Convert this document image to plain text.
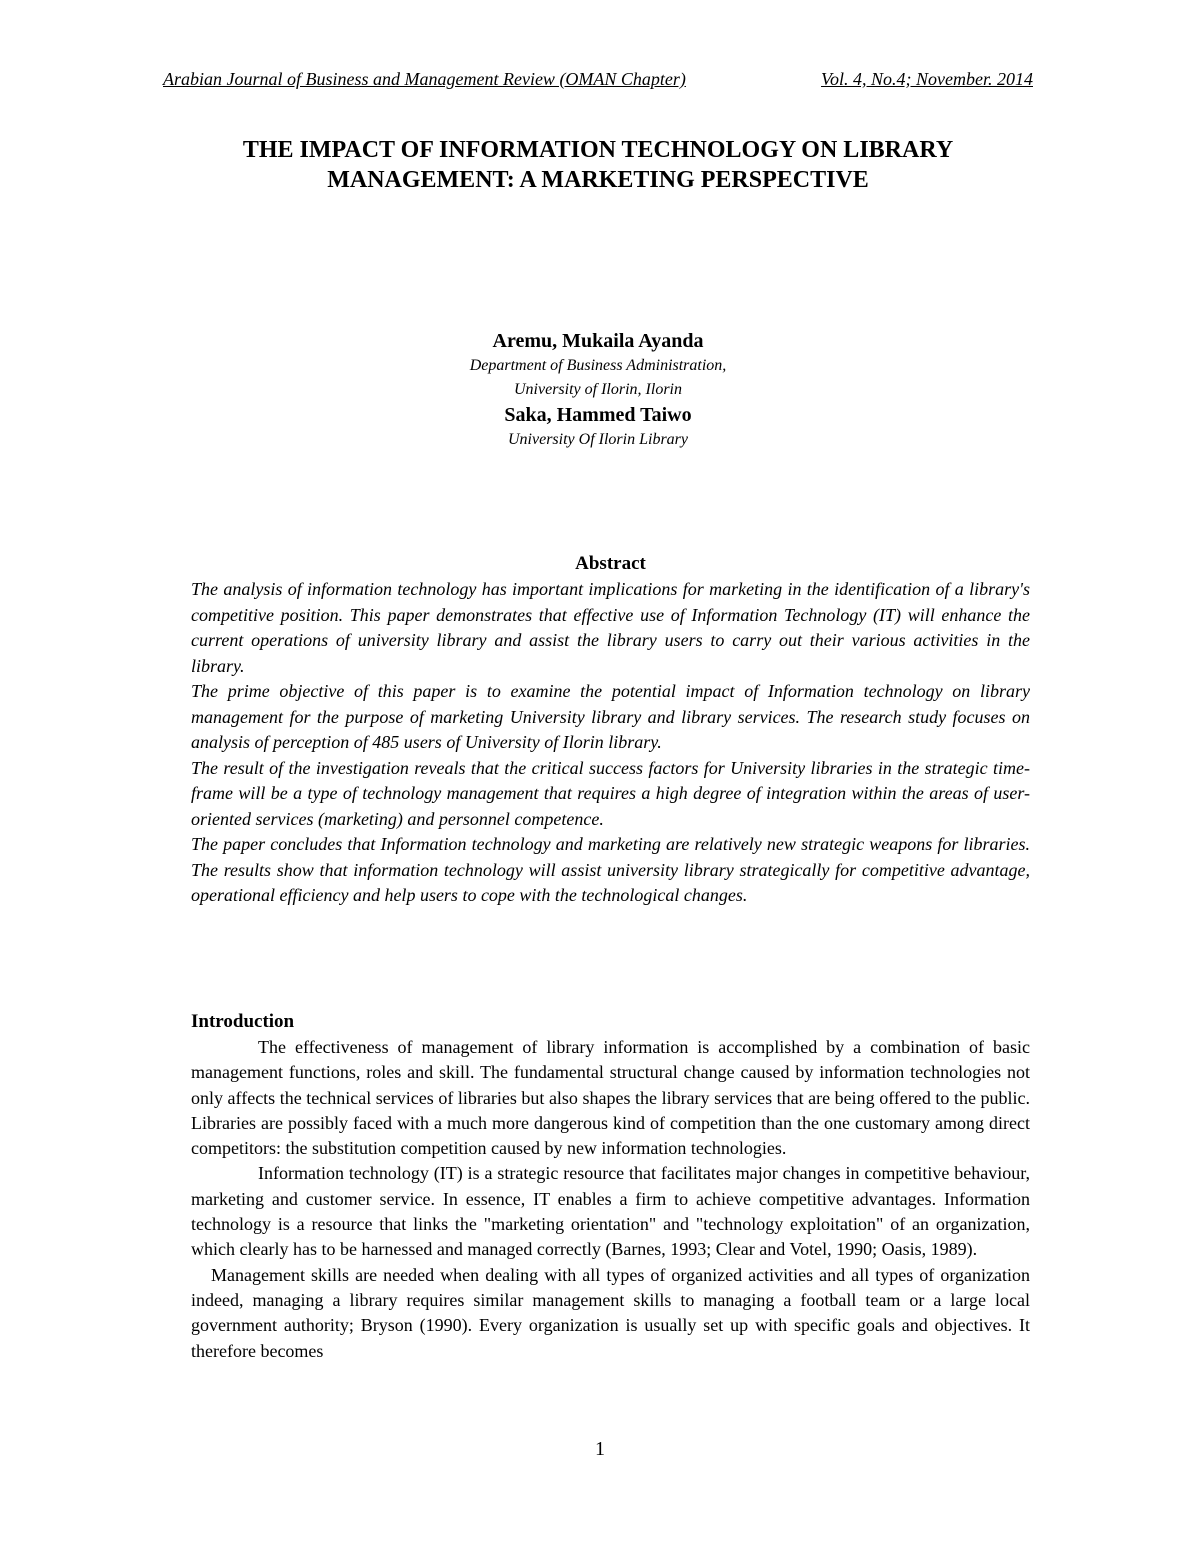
Arabian Journal of Business and Management Review (OMAN Chapter)	Vol. 4, No.4; November. 2014
THE IMPACT OF INFORMATION TECHNOLOGY ON LIBRARY
MANAGEMENT: A MARKETING PERSPECTIVE
Aremu, Mukaila Ayanda
Department of Business Administration,
University of Ilorin, Ilorin
Saka, Hammed Taiwo
University Of Ilorin Library
Abstract

The analysis of information technology has important implications for marketing in the identification of a library's competitive position. This paper demonstrates that effective use of Information Technology (IT) will enhance the current operations of university library and assist the library users to carry out their various activities in the library.

The prime objective of this paper is to examine the potential impact of Information technology on library management for the purpose of marketing University library and library services. The research study focuses on analysis of perception of 485 users of University of Ilorin library.

The result of the investigation reveals that the critical success factors for University libraries in the strategic time-frame will be a type of technology management that requires a high degree of integration within the areas of user-oriented services (marketing) and personnel competence.

The paper concludes that Information technology and marketing are relatively new strategic weapons for libraries. The results show that information technology will assist university library strategically for competitive advantage, operational efficiency and help users to cope with the technological changes.

Introduction

The effectiveness of management of library information is accomplished by a combination of basic management functions, roles and skill. The fundamental structural change caused by information technologies not only affects the technical services of libraries but also shapes the library services that are being offered to the public. Libraries are possibly faced with a much more dangerous kind of competition than the one customary among direct competitors: the substitution competition caused by new information technologies.

Information technology (IT) is a strategic resource that facilitates major changes in competitive behaviour, marketing and customer service. In essence, IT enables a firm to achieve competitive advantages. Information technology is a resource that links the "marketing orientation" and "technology exploitation" of an organization, which clearly has to be harnessed and managed correctly (Barnes, 1993; Clear and Votel, 1990; Oasis, 1989).

Management skills are needed when dealing with all types of organized activities and all types of organization indeed, managing a library requires similar management skills to managing a football team or a large local government authority; Bryson (1990). Every organization is usually set up with specific goals and objectives. It therefore becomes

1
